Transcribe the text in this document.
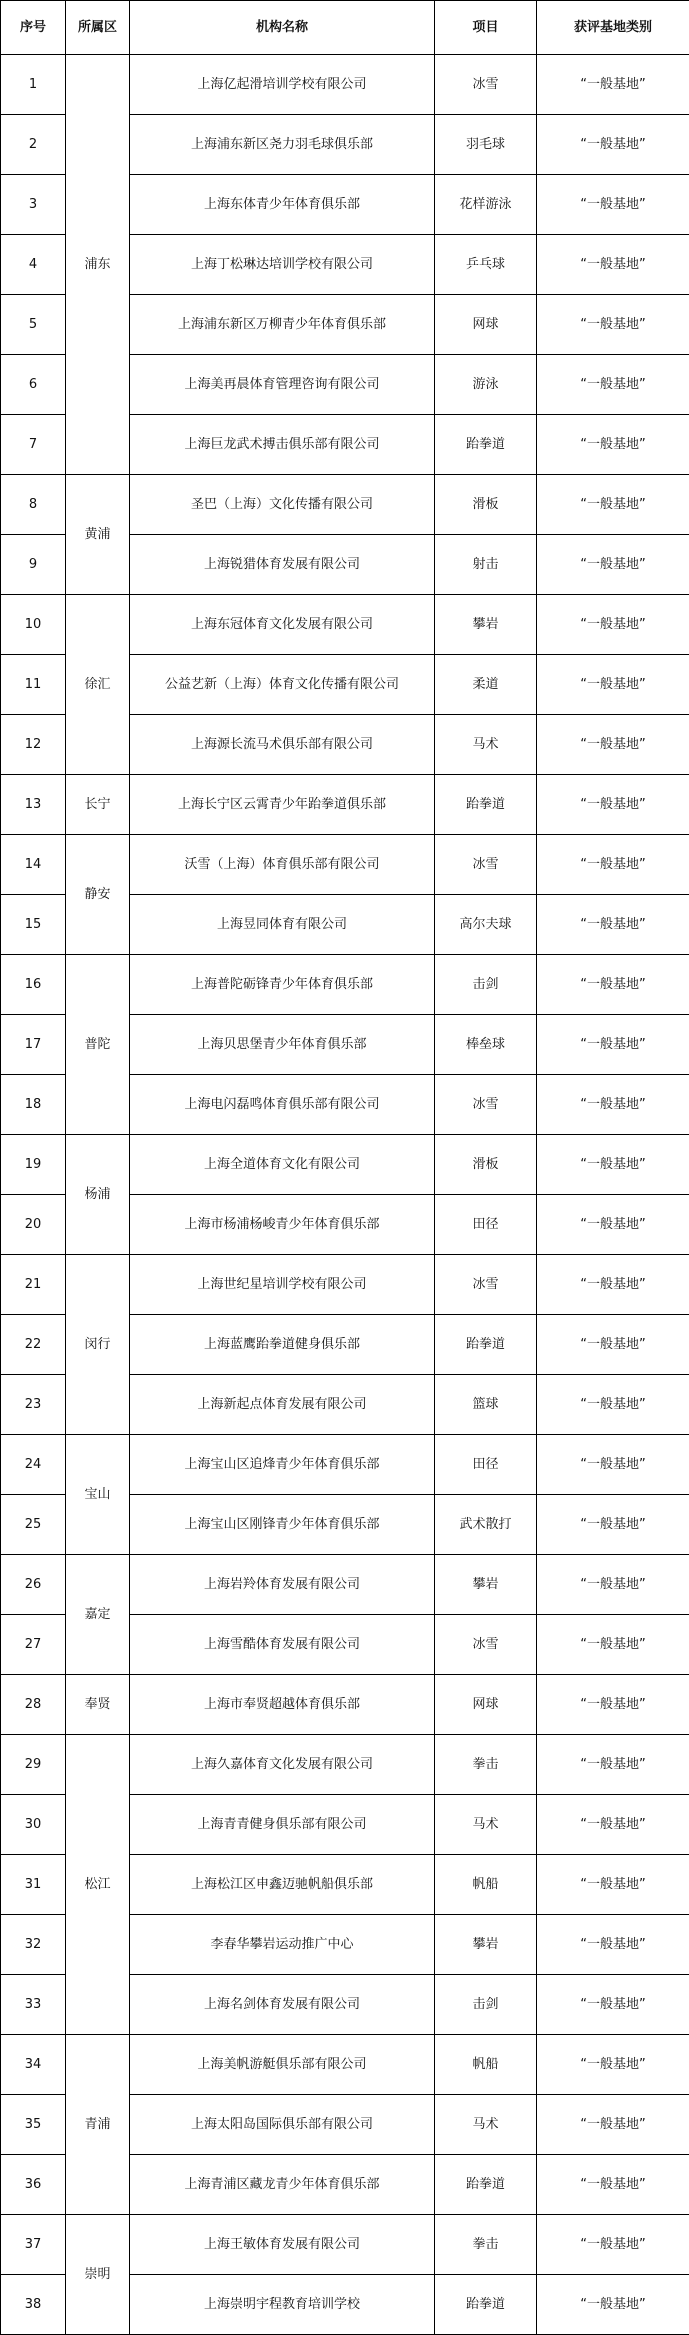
序号	所属区	机构名称	项目	获评基地类别
1	浦东	上海亿起滑培训学校有限公司	冰雪	“一般基地”
2		上海浦东新区尧力羽毛球俱乐部	羽毛球	“一般基地”
3		上海东体青少年体育俱乐部	花样游泳	“一般基地”
4		上海丁松琳达培训学校有限公司	乒乓球	“一般基地”
5		上海浦东新区万柳青少年体育俱乐部	网球	“一般基地”
6		上海美再晨体育管理咨询有限公司	游泳	“一般基地”
7		上海巨龙武术搏击俱乐部有限公司	跆拳道	“一般基地”
8	黄浦	圣巴（上海）文化传播有限公司	滑板	“一般基地”
9		上海锐猎体育发展有限公司	射击	“一般基地”
10	徐汇	上海东冠体育文化发展有限公司	攀岩	“一般基地”
11		公益艺新（上海）体育文化传播有限公司	柔道	“一般基地”
12		上海源长流马术俱乐部有限公司	马术	“一般基地”
13	长宁	上海长宁区云霄青少年跆拳道俱乐部	跆拳道	“一般基地”
14	静安	沃雪（上海）体育俱乐部有限公司	冰雪	“一般基地”
15		上海昱同体育有限公司	高尔夫球	“一般基地”
16	普陀	上海普陀砺锋青少年体育俱乐部	击剑	“一般基地”
17		上海贝思堡青少年体育俱乐部	棒垒球	“一般基地”
18		上海电闪磊鸣体育俱乐部有限公司	冰雪	“一般基地”
19	杨浦	上海全道体育文化有限公司	滑板	“一般基地”
20		上海市杨浦杨峻青少年体育俱乐部	田径	“一般基地”
21	闵行	上海世纪星培训学校有限公司	冰雪	“一般基地”
22		上海蓝鹰跆拳道健身俱乐部	跆拳道	“一般基地”
23		上海新起点体育发展有限公司	篮球	“一般基地”
24	宝山	上海宝山区追烽青少年体育俱乐部	田径	“一般基地”
25		上海宝山区刚锋青少年体育俱乐部	武术散打	“一般基地”
26	嘉定	上海岩羚体育发展有限公司	攀岩	“一般基地”
27		上海雪酷体育发展有限公司	冰雪	“一般基地”
28	奉贤	上海市奉贤超越体育俱乐部	网球	“一般基地”
29	松江	上海久嘉体育文化发展有限公司	拳击	“一般基地”
30		上海青青健身俱乐部有限公司	马术	“一般基地”
31		上海松江区申鑫迈驰帆船俱乐部	帆船	“一般基地”
32		李春华攀岩运动推广中心	攀岩	“一般基地”
33		上海名剑体育发展有限公司	击剑	“一般基地”
34	青浦	上海美帆游艇俱乐部有限公司	帆船	“一般基地”
35		上海太阳岛国际俱乐部有限公司	马术	“一般基地”
36		上海青浦区藏龙青少年体育俱乐部	跆拳道	“一般基地”
37	崇明	上海王敏体育发展有限公司	拳击	“一般基地”
38		上海崇明宇程教育培训学校	跆拳道	“一般基地”
